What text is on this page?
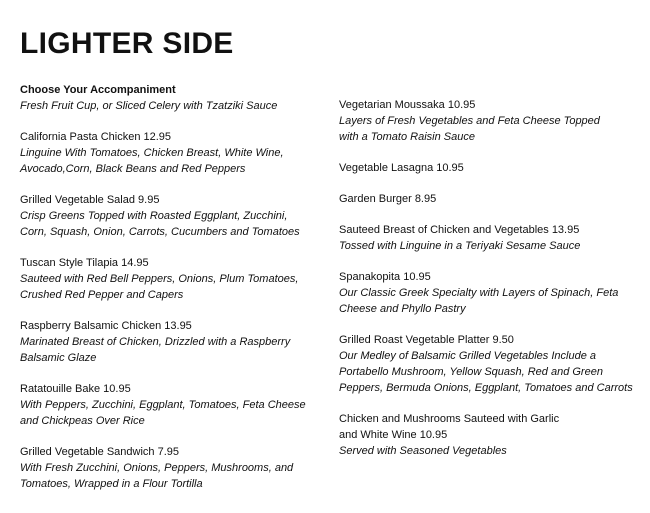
LIGHTER SIDE
Choose Your Accompaniment
Fresh Fruit Cup, or Sliced Celery with Tzatziki Sauce
California Pasta Chicken 12.95
Linguine With Tomatoes, Chicken Breast, White Wine,
Avocado,Corn, Black Beans and Red Peppers
Grilled Vegetable Salad 9.95
Crisp Greens Topped with Roasted Eggplant, Zucchini,
Corn, Squash, Onion, Carrots, Cucumbers and Tomatoes
Tuscan Style Tilapia 14.95
Sauteed with Red Bell Peppers, Onions, Plum Tomatoes,
Crushed Red Pepper and Capers
Raspberry Balsamic Chicken 13.95
Marinated Breast of Chicken, Drizzled with a Raspberry
Balsamic Glaze
Ratatouille Bake 10.95
With Peppers, Zucchini, Eggplant, Tomatoes, Feta Cheese
and Chickpeas Over Rice
Grilled Vegetable Sandwich 7.95
With Fresh Zucchini, Onions, Peppers, Mushrooms, and
Tomatoes, Wrapped in a Flour Tortilla
Vegetarian Moussaka 10.95
Layers of Fresh Vegetables and Feta Cheese Topped
with a Tomato Raisin Sauce
Vegetable Lasagna 10.95
Garden Burger 8.95
Sauteed Breast of Chicken and Vegetables 13.95
Tossed with Linguine in a Teriyaki Sesame Sauce
Spanakopita 10.95
Our Classic Greek Specialty with Layers of Spinach, Feta
Cheese and Phyllo Pastry
Grilled Roast Vegetable Platter 9.50
Our Medley of Balsamic Grilled Vegetables Include a
Portabello Mushroom, Yellow Squash, Red and Green
Peppers, Bermuda Onions, Eggplant, Tomatoes and Carrots
Chicken and Mushrooms Sauteed with Garlic
and White Wine 10.95
Served with Seasoned Vegetables
